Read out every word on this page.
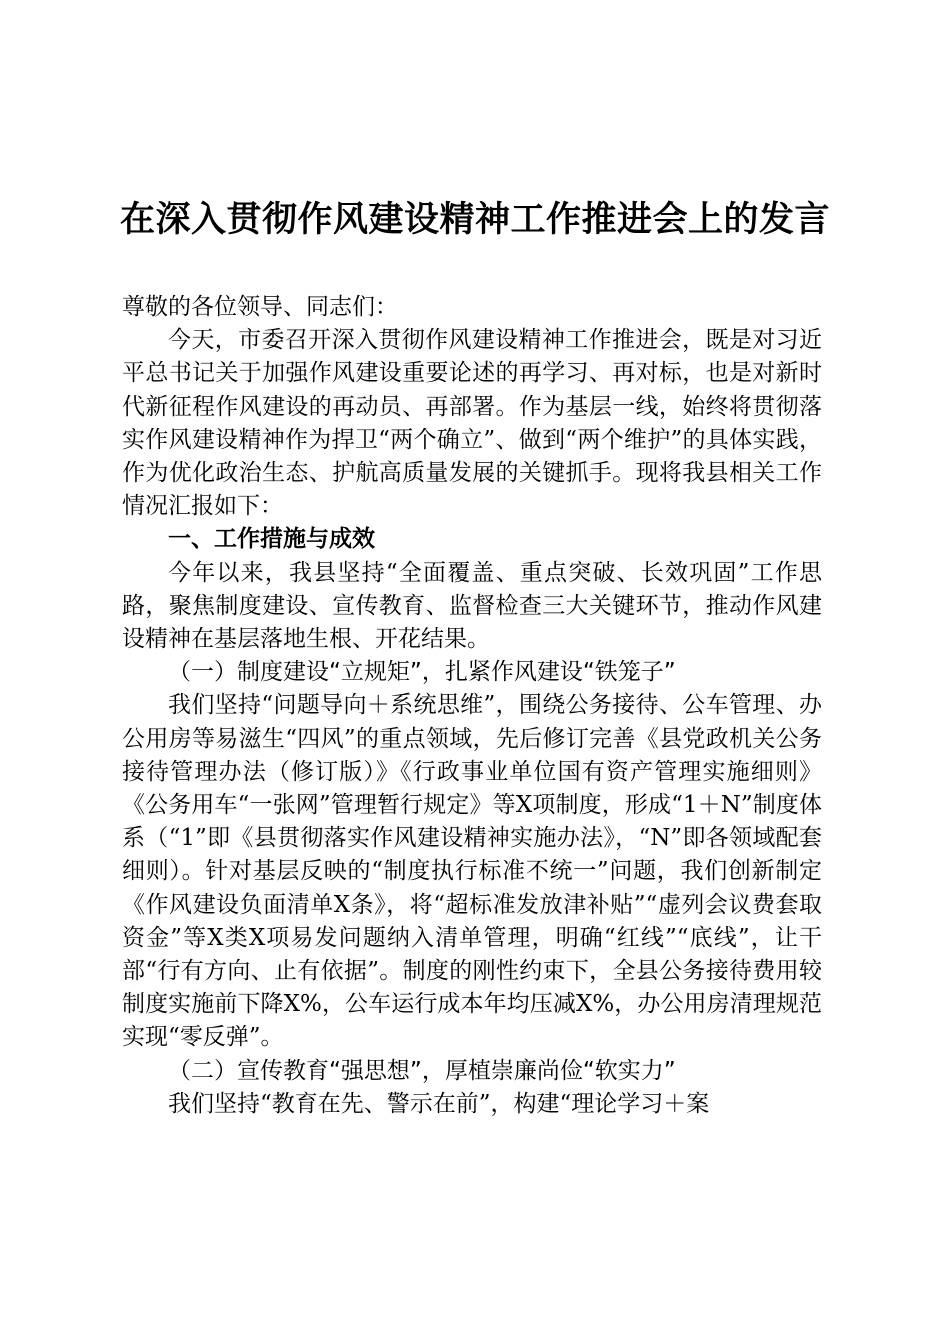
在深入贯彻作风建设精神工作推进会上的发言

尊敬的各位领导、同志们：

今天，市委召开深入贯彻作风建设精神工作推进会，既是对习近平总书记关于加强作风建设重要论述的再学习、再对标，也是对新时代新征程作风建设的再动员、再部署。作为基层一线，始终将贯彻落实作风建设精神作为捍卫“两个确立”、做到“两个维护”的具体实践，作为优化政治生态、护航高质量发展的关键抓手。现将我县相关工作情况汇报如下：

一、工作措施与成效

今年以来，我县坚持“全面覆盖、重点突破、长效巩固”工作思路，聚焦制度建设、宣传教育、监督检查三大关键环节，推动作风建设精神在基层落地生根、开花结果。

（一）制度建设“立规矩”，扎紧作风建设“铁笼子”

我们坚持“问题导向＋系统思维”，围绕公务接待、公车管理、办公用房等易滋生“四风”的重点领域，先后修订完善《县党政机关公务接待管理办法（修订版）》《行政事业单位国有资产管理实施细则》《公务用车“一张网”管理暂行规定》等X项制度，形成“1＋N”制度体系（“1”即《县贯彻落实作风建设精神实施办法》，“N”即各领域配套细则）。针对基层反映的“制度执行标准不统一”问题，我们创新制定《作风建设负面清单X条》，将“超标准发放津补贴”“虚列会议费套取资金”等X类X项易发问题纳入清单管理，明确“红线”“底线”，让干部“行有方向、止有依据”。制度的刚性约束下，全县公务接待费用较制度实施前下降X%，公车运行成本年均压减X%，办公用房清理规范实现“零反弹”。

（二）宣传教育“强思想”，厚植崇廉尚俭“软实力”

我们坚持“教育在先、警示在前”，构建“理论学习＋案
